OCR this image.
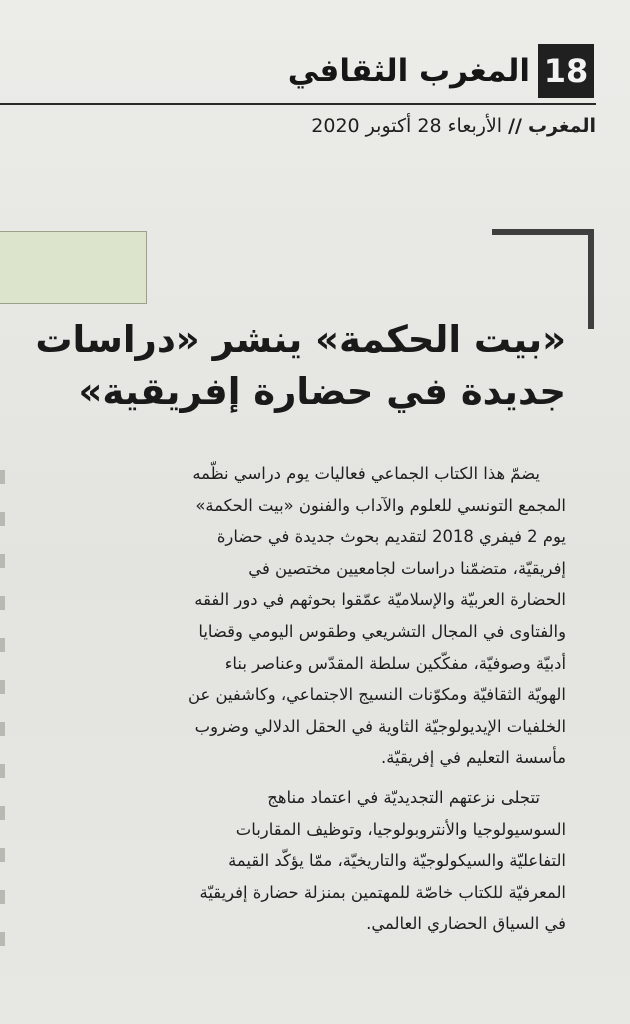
18
المغرب الثقافي
المغرب//الأربعاء 28 أكتوبر 2020
«بيت الحكمة» ينشر «دراسات
جديدة في حضارة إفريقية»
يضمّ هذا الكتاب الجماعي فعاليات يوم دراسي نظّمه
المجمع التونسي للعلوم والآداب والفنون «بيت الحكمة»
يوم 2 فيفري 2018 لتقديم بحوث جديدة في حضارة
إفريقيّة، متضمّنا دراسات لجامعيين مختصين في
الحضارة العربيّة والإسلاميّة عمّقوا بحوثهم في دور الفقه
والفتاوى في المجال التشريعي وطقوس اليومي وقضايا
أدبيّة وصوفيّة، مفكّكين سلطة المقدّس وعناصر بناء
الهويّة الثقافيّة ومكوّنات النسيج الاجتماعي، وكاشفين عن
الخلفيات الإيديولوجيّة الثاوية في الحقل الدلالي وضروب
مأسسة التعليم في إفريقيّة.
تتجلى نزعتهم التجديديّة في اعتماد مناهج
السوسيولوجيا والأنتروبولوجيا، وتوظيف المقاربات
التفاعليّة والسيكولوجيّة والتاريخيّة، ممّا يؤكّد القيمة
المعرفيّة للكتاب خاصّة للمهتمين بمنزلة حضارة إفريقيّة
في السياق الحضاري العالمي.
